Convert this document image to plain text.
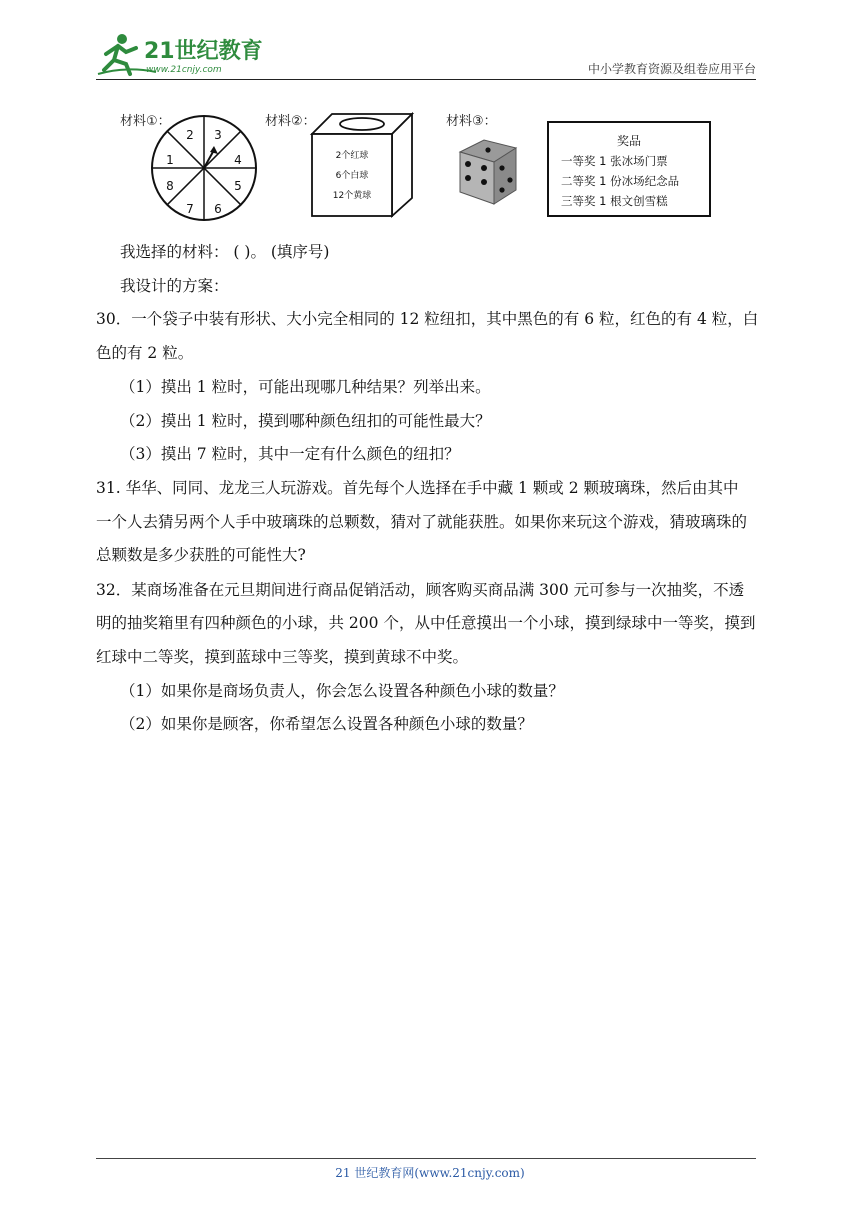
21世纪教育
www.21cnjy.com	中小学教育资源及组卷应用平台
材料①：
2 3
1	4
8	5
7 6
材料②：
2个红球
6个白球
12个黄球
材料③：
奖品
一等奖 1 张冰场门票
二等奖 1 份冰场纪念品
三等奖 1 根文创雪糕
我选择的材料： ( )。 (填序号)
我设计的方案：
30．一个袋子中装有形状、大小完全相同的 12 粒纽扣，其中黑色的有 6 粒，红色的有 4 粒，白
色的有 2 粒。
（1）摸出 1 粒时，可能出现哪几种结果？列举出来。
（2）摸出 1 粒时，摸到哪种颜色纽扣的可能性最大？
（3）摸出 7 粒时，其中一定有什么颜色的纽扣？
31. 华华、同同、龙龙三人玩游戏。首先每个人选择在手中藏 1 颗或 2 颗玻璃珠，然后由其中
一个人去猜另两个人手中玻璃珠的总颗数，猜对了就能获胜。如果你来玩这个游戏，猜玻璃珠的
总颗数是多少获胜的可能性大?
32．某商场准备在元旦期间进行商品促销活动，顾客购买商品满 300 元可参与一次抽奖，不透
明的抽奖箱里有四种颜色的小球，共 200 个，从中任意摸出一个小球，摸到绿球中一等奖，摸到
红球中二等奖，摸到蓝球中三等奖，摸到黄球不中奖。
（1）如果你是商场负责人，你会怎么设置各种颜色小球的数量？
（2）如果你是顾客，你希望怎么设置各种颜色小球的数量？
21 世纪教育网(www.21cnjy.com)
